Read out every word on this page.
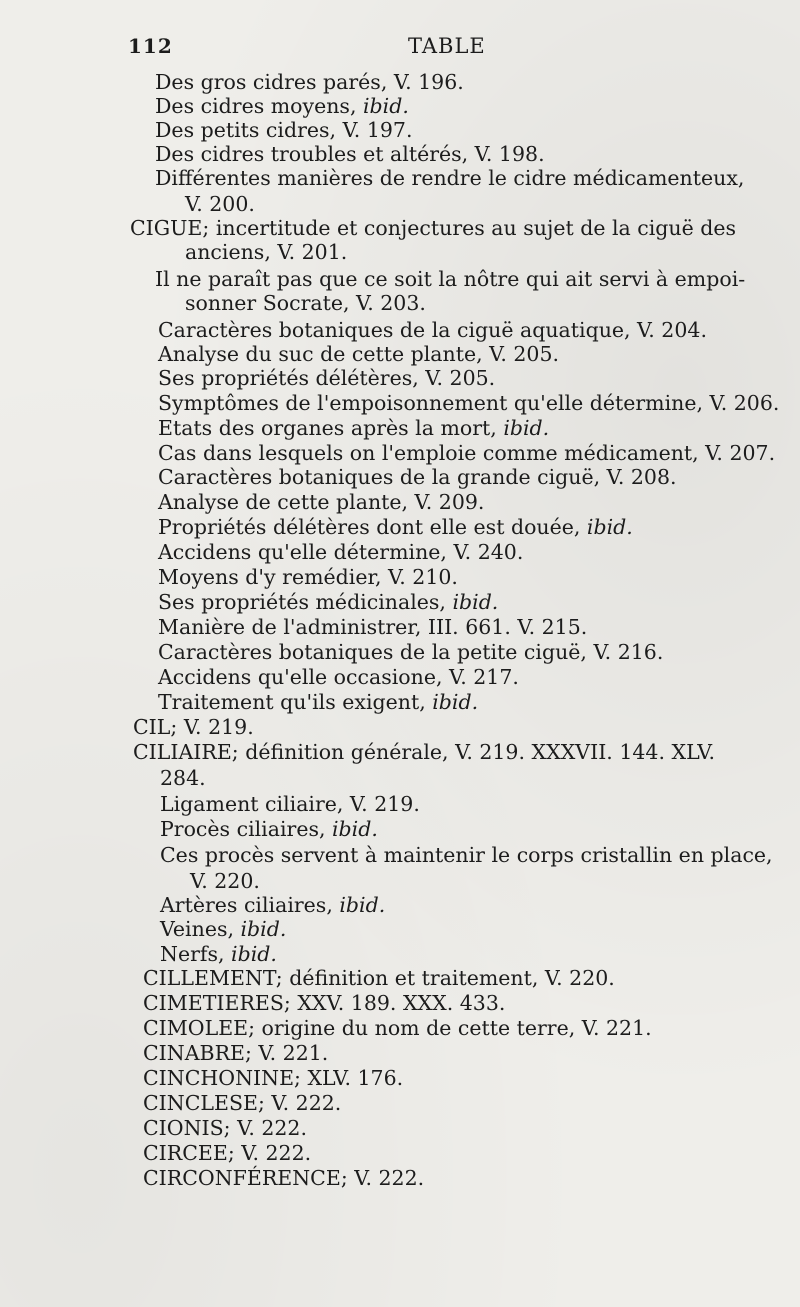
112	TABLE
Des gros cidres parés, V. 196.
Des cidres moyens, ibid.
Des petits cidres, V. 197.
Des cidres troubles et altérés, V. 198.
Différentes manières de rendre le cidre médicamenteux,
V. 200.
CIGUE; incertitude et conjectures au sujet de la ciguë des
anciens, V. 201.
Il ne paraît pas que ce soit la nôtre qui ait servi à empoi-
sonner Socrate, V. 203.
Caractères botaniques de la ciguë aquatique, V. 204.
Analyse du suc de cette plante, V. 205.
Ses propriétés délétères, V. 205.
Symptômes de l'empoisonnement qu'elle détermine, V. 206.
Etats des organes après la mort, ibid.
Cas dans lesquels on l'emploie comme médicament, V. 207.
Caractères botaniques de la grande ciguë, V. 208.
Analyse de cette plante, V. 209.
Propriétés délétères dont elle est douée, ibid.
Accidens qu'elle détermine, V. 240.
Moyens d'y remédier, V. 210.
Ses propriétés médicinales, ibid.
Manière de l'administrer, III. 661. V. 215.
Caractères botaniques de la petite ciguë, V. 216.
Accidens qu'elle occasione, V. 217.
Traitement qu'ils exigent, ibid.
CIL; V. 219.
CILIAIRE; définition générale, V. 219. XXXVII. 144. XLV.
284.
Ligament ciliaire, V. 219.
Procès ciliaires, ibid.
Ces procès servent à maintenir le corps cristallin en place,
V. 220.
Artères ciliaires, ibid.
Veines, ibid.
Nerfs, ibid.
CILLEMENT; définition et traitement, V. 220.
CIMETIERES; XXV. 189. XXX. 433.
CIMOLEE; origine du nom de cette terre, V. 221.
CINABRE; V. 221.
CINCHONINE; XLV. 176.
CINCLESE; V. 222.
CIONIS; V. 222.
CIRCEE; V. 222.
CIRCONFÉRENCE; V. 222.
